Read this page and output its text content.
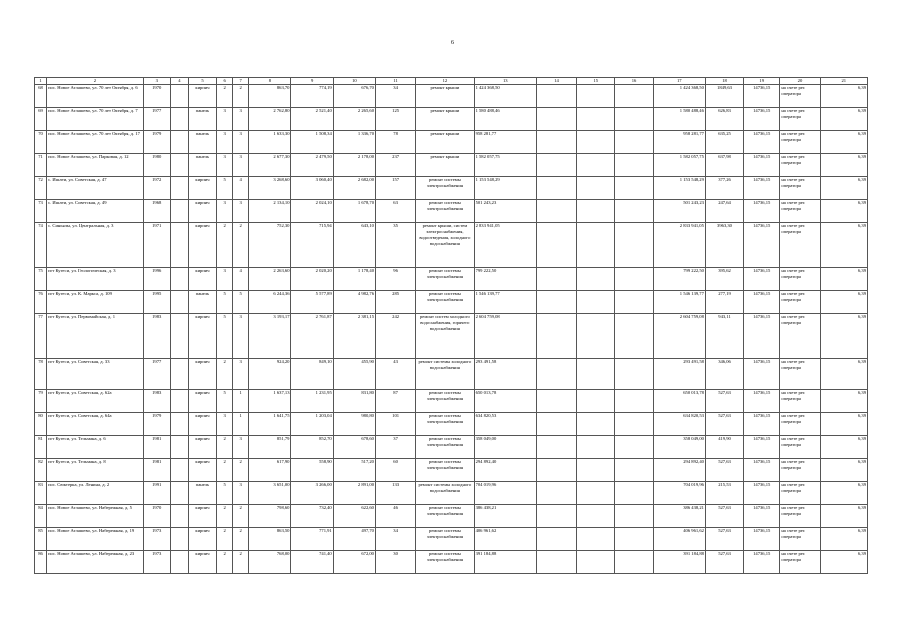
6
1	2	3	4	5	6	7	8	9	10	11	12	13	14	15	16	17	18	19	20	21
68	пос. Новое Атлашево, ул. 70 лет Октября, д. 6	1970		кирпич	2	2	863,70	774,19	676,70	34	ремонт крыши	1 424 368,50				1 424 368,50	1849,63	14736,15	на счете рег. оператора	6,39
69	пос. Новое Атлашево, ул. 70 лет Октября, д. 7	1977		панель	3	3	2 762,80	2 521,40	2 265,60	125	ремонт крыши	1 580 488,46				1 580 488,46	626,83	14736,15	на счете рег. оператора	6,39
70	пос. Новое Атлашево, ул. 70 лет Октября, д. 17	1979		панель	3	3	1 633,30	1 508,34	1 336,70	78	ремонт крыши	958 281,77				958 281,77	635,25	14736,15	на счете рег. оператора	6,39
71	пос. Новое Атлашево, ул. Парковая, д. 12	1980		панель	3	3	2 677,30	2 479,50	2 178,00	237	ремонт крыши	1 582 057,75				1 582 057,75	637,98	14736,15	на счете рег. оператора	6,39
72	с. Ишлеи, ул. Советская, д. 47	1972		кирпич	5	4	3 268,60	3 060,40	2 682,00	157	ремонт системы электроснабжения	1 153 548,29				1 153 548,29	377,26	14736,15	на счете рег. оператора	6,39
73	с. Ишлеи, ул. Советская, д. 49	1968		кирпич	3	3	2 134,10	2 024,10	1 678,70	63	ремонт системы электроснабжения	501 243,23				501 243,23	247,64	14736,15	на счете рег. оператора	6,39
74	с. Синьялы, ул. Центральная, д. 3	1971		кирпич	2	2	752,30	715,94	643,10	35	ремонт крыши, систем электроснабжения, водоотведения, холодного водоснабжения	2 833 941,05				2 833 941,05	3963,30	14736,15	на счете рег. оператора	6,39
75	пгт Кугеси, ул. Геологическая, д. 3	1996		кирпич	3	4	2 263,60	2 020,20	1 178,40	96	ремонт системы электроснабжения	799 222,50				799 222,50	395,62	14736,15	на счете рег. оператора	6,39
76	пгт Кугеси, ул. К. Маркса, д. 109	1995		панель	5	5	6 244,36	5 577,89	4 982,76	285	ремонт системы электроснабжения	1 546 139,77				1 546 139,77	277,19	14736,15	на счете рег. оператора	6,39
77	пгт Кугеси, ул. Первомайская, д. 1	1983		кирпич	5	3	3 193,17	2 761,87	2 381,15	242	ремонт систем холодного водоснабжения, горячего водоснабжения	2 604 759,08				2 604 759,08	943,11	14736,15	на счете рег. оператора	6,39
78	пгт Кугеси, ул. Советская, д. 33	1977		кирпич	2	3	924,20	849,10	455,90	43	ремонт системы холодного водоснабжения	293 491,58				293 491,58	346,06	14736,15	на счете рег. оператора	6,39
79	пгт Кугеси, ул. Советская, д. 62а	1983		кирпич	5	1	1 637,13	1 231,95	831,80	87	ремонт системы электроснабжения	650 013,78				650 013,78	527,63	14736,15	на счете рег. оператора	6,39
80	пгт Кугеси, ул. Советская, д. 64а	1979		кирпич	3	1	1 641,75	1 203,04	980,80	101	ремонт системы электроснабжения	634 820,53				634 820,53	527,63	14736,15	на счете рег. оператора	6,39
81	пгт Кугеси, ул. Тельмана, д. 6	1981		кирпич	2	3	851,79	852,70	678,60	37	ремонт системы электроснабжения	358 049,00				358 049,00	419,90	14736,15	на счете рег. оператора	6,39
82	пгт Кугеси, ул. Тельмана, д. 8	1981		кирпич	2	2	617,90	558,90	517,20	60	ремонт системы электроснабжения	294 892,40				294 892,40	527,63	14736,15	на счете рег. оператора	6,39
83	пос. Сюктерка, ул. Ленина, д. 2	1991		панель	5	3	3 651,00	3 266,00	2 891,00	133	ремонт системы холодного водоснабжения	704 019,96				704 019,96	215,53	14736,15	на счете рег. оператора	6,39
84	пос. Новое Атлашево, ул. Набережная, д. 5	1970		кирпич	2	2	798,60	732,40	622,60	46	ремонт системы электроснабжения	386 438,21				386 438,21	527,63	14736,15	на счете рег. оператора	6,39
85	пос. Новое Атлашево, ул. Набережная, д. 19	1973		кирпич	2	2	863,50	771,91	497,70	34	ремонт системы электроснабжения	406 961,62				406 961,62	527,63	14736,15	на счете рег. оператора	6,39
86	пос. Новое Атлашево, ул. Набережная, д. 23	1973		кирпич	2	2	768,00	741,40	672,00	30	ремонт системы электроснабжения	391 184,88				391 184,88	527,63	14736,15	на счете рег. оператора	6,39
